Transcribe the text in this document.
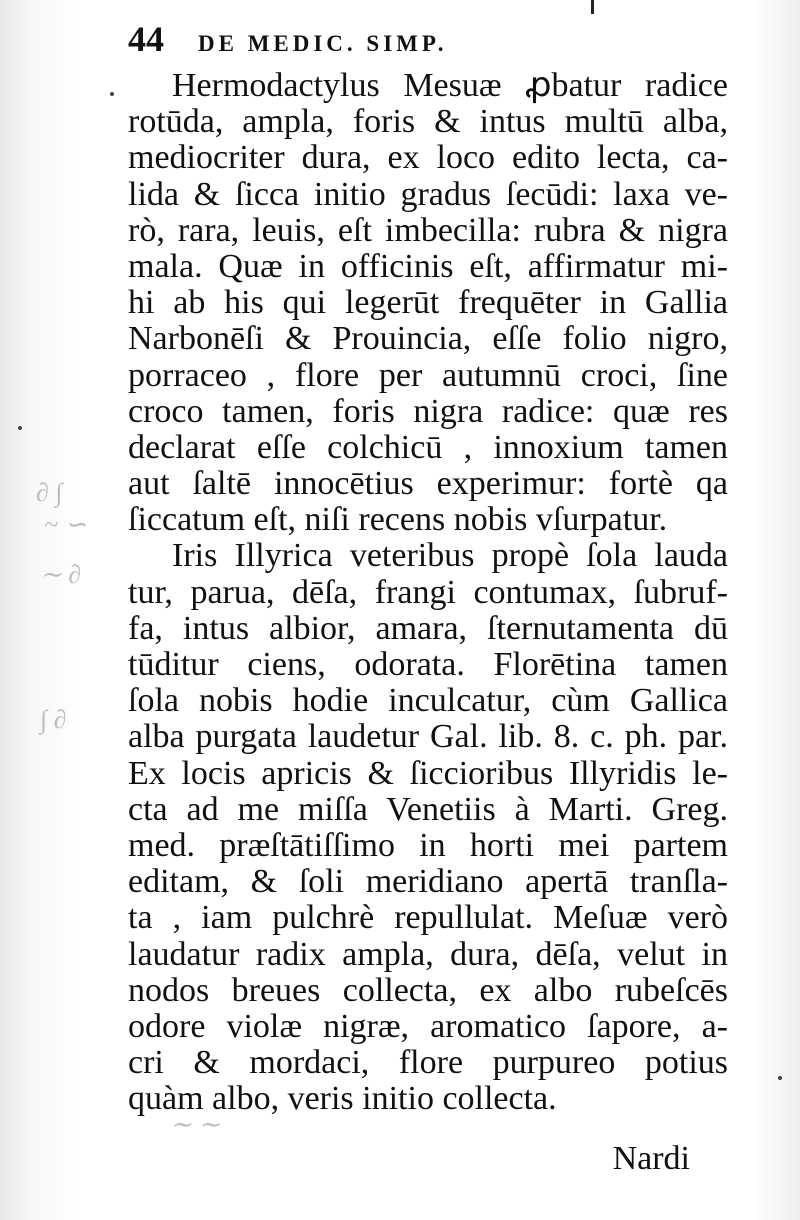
∂ ∫
~ ∽
∼ ∂
∫ ∂
∼ ∼
44 DE MEDIC. SIMP.
Hermodactylus Mesuæ ꝓbatur radice
rotūda, ampla, foris & intus multū alba,
mediocriter dura, ex loco edito lecta, ca-
lida & ſicca initio gradus ſecūdi: laxa ve-
rò, rara, leuis, eſt imbecilla: rubra & nigra
mala. Quæ in officinis eſt, affirmatur mi-
hi ab his qui legerūt frequēter in Gallia
Narbonēſi & Prouincia, eſſe folio nigro,
porraceo , flore per autumnū croci, ſine
croco tamen, foris nigra radice: quæ res
declarat eſſe colchicū , innoxium tamen
aut ſaltē innocētius experimur: fortè qa
ſiccatum eſt, niſi recens nobis vſurpatur.
Iris Illyrica veteribus propè ſola lauda
tur, parua, dēſa, frangi contumax, ſubruf-
fa, intus albior, amara, ſternutamenta dū
tūditur ciens, odorata. Florētina tamen
ſola nobis hodie inculcatur, cùm Gallica
alba purgata laudetur Gal. lib. 8. c. ph. par.
Ex locis apricis & ſiccioribus Illyridis le-
cta ad me miſſa Venetiis à Marti. Greg.
med. præſtātiſſimo in horti mei partem
editam, & ſoli meridiano apertā tranſla-
ta , iam pulchrè repullulat. Meſuæ verò
laudatur radix ampla, dura, dēſa, velut in
nodos breues collecta, ex albo rubeſcēs
odore violæ nigræ, aromatico ſapore, a-
cri & mordaci, flore purpureo potius
quàm albo, veris initio collecta.
Nardi
